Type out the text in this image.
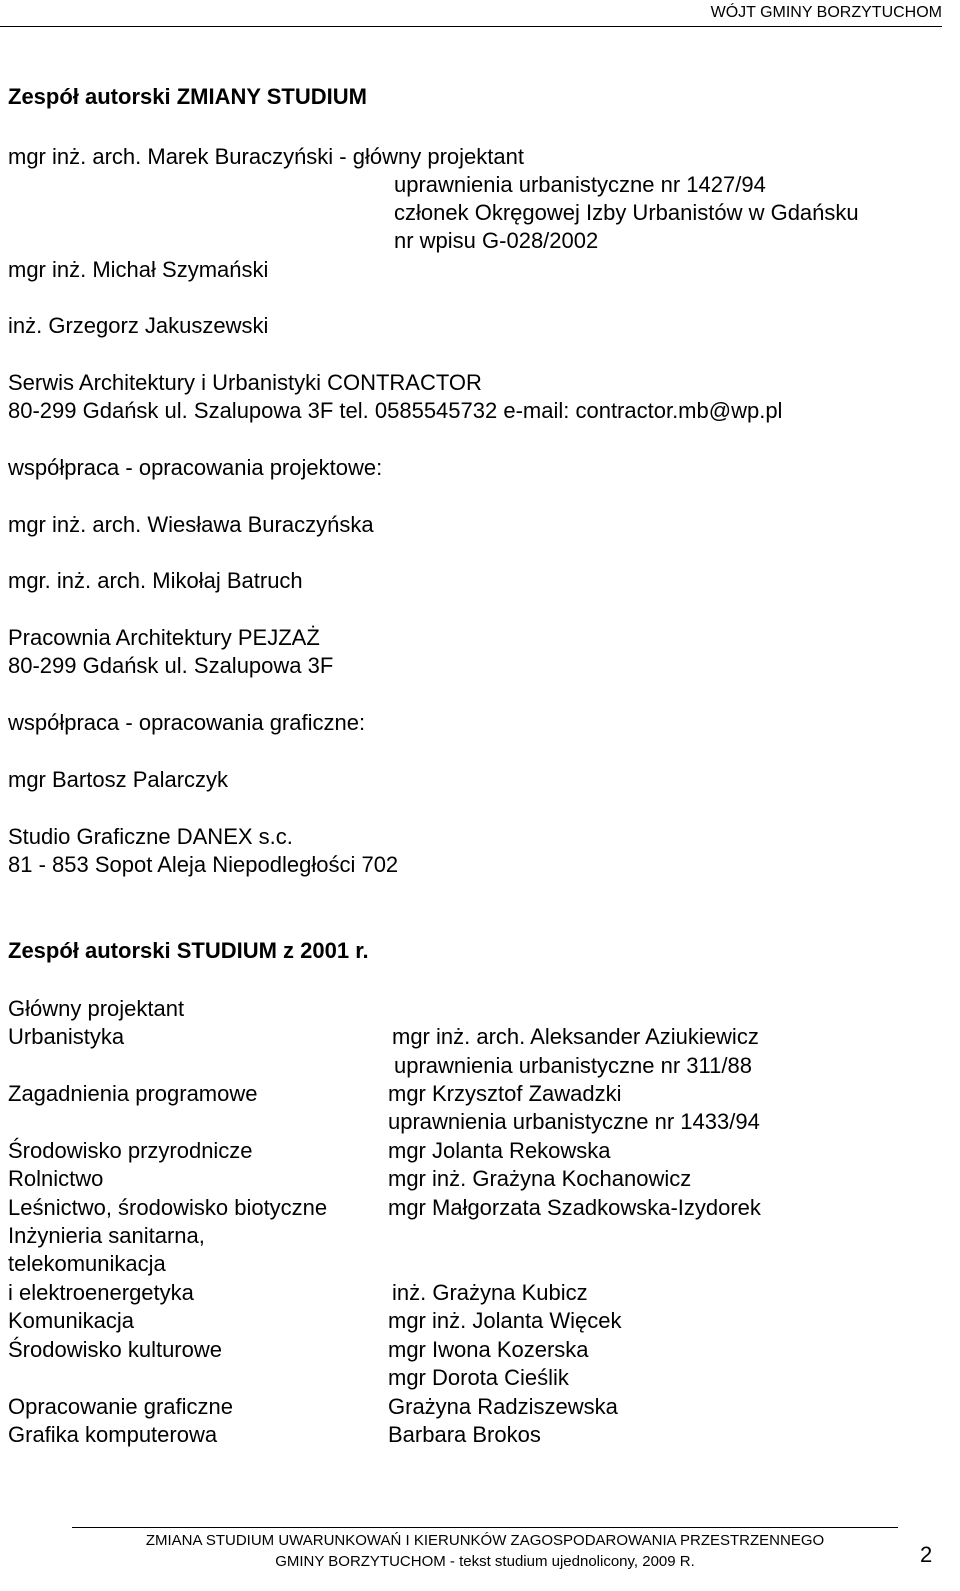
WÓJT GMINY BORZYTUCHOM
Zespół autorski ZMIANY STUDIUM
mgr inż. arch. Marek Buraczyński - główny projektant
uprawnienia urbanistyczne nr 1427/94
członek Okręgowej Izby Urbanistów w Gdańsku
nr wpisu G-028/2002
mgr inż. Michał Szymański
inż. Grzegorz Jakuszewski
Serwis Architektury i Urbanistyki CONTRACTOR
80-299 Gdańsk ul. Szalupowa 3F tel. 0585545732 e-mail: contractor.mb@wp.pl
współpraca - opracowania projektowe:
mgr inż. arch. Wiesława Buraczyńska
mgr. inż. arch. Mikołaj Batruch
Pracownia Architektury PEJZAŻ
80-299 Gdańsk ul. Szalupowa 3F
współpraca - opracowania graficzne:
mgr Bartosz Palarczyk
Studio Graficzne DANEX s.c.
81 - 853 Sopot Aleja Niepodległości 702
Zespół autorski STUDIUM z 2001 r.
Główny projektant
Urbanistyka	mgr inż. arch. Aleksander Aziukiewicz
uprawnienia urbanistyczne nr 311/88
Zagadnienia programowe	mgr Krzysztof Zawadzki
uprawnienia urbanistyczne nr 1433/94
Środowisko przyrodnicze	mgr Jolanta Rekowska
Rolnictwo	mgr inż. Grażyna Kochanowicz
Leśnictwo, środowisko biotyczne	mgr Małgorzata Szadkowska-Izydorek
Inżynieria sanitarna,
telekomunikacja
i elektroenergetyka	inż. Grażyna Kubicz
Komunikacja	mgr inż. Jolanta Więcek
Środowisko kulturowe	mgr Iwona Kozerska
mgr Dorota Cieślik
Opracowanie graficzne	Grażyna Radziszewska
Grafika komputerowa	Barbara Brokos
ZMIANA STUDIUM UWARUNKOWAŃ I KIERUNKÓW ZAGOSPODAROWANIA PRZESTRZENNEGO
GMINY BORZYTUCHOM - tekst studium ujednolicony, 2009 R.	2
